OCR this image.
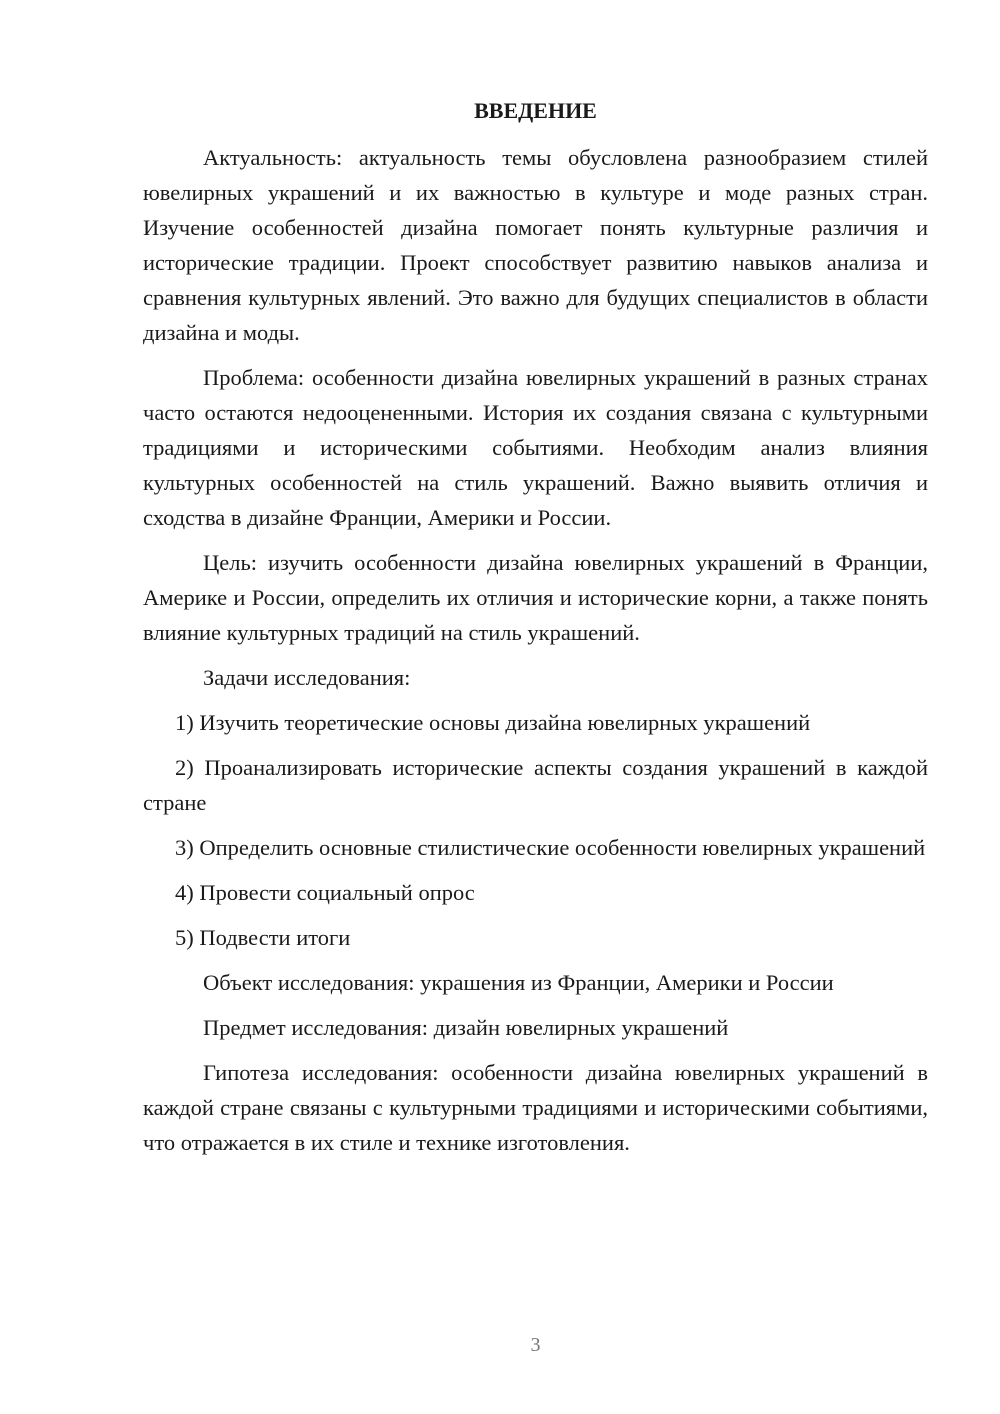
ВВЕДЕНИЕ

Актуальность: актуальность темы обусловлена разнообразием стилей ювелирных украшений и их важностью в культуре и моде разных стран. Изучение особенностей дизайна помогает понять культурные различия и исторические традиции. Проект способствует развитию навыков анализа и сравнения культурных явлений. Это важно для будущих специалистов в области дизайна и моды.

Проблема: особенности дизайна ювелирных украшений в разных странах часто остаются недооцененными. История их создания связана с культурными традициями и историческими событиями. Необходим анализ влияния культурных особенностей на стиль украшений. Важно выявить отличия и сходства в дизайне Франции, Америки и России.

Цель: изучить особенности дизайна ювелирных украшений в Франции, Америке и России, определить их отличия и исторические корни, а также понять влияние культурных традиций на стиль украшений.

Задачи исследования:

1) Изучить теоретические основы дизайна ювелирных украшений

2) Проанализировать исторические аспекты создания украшений в каждой стране

3) Определить основные стилистические особенности ювелирных украшений

4) Провести социальный опрос

5) Подвести итоги

Объект исследования: украшения из Франции, Америки и России

Предмет исследования: дизайн ювелирных украшений

Гипотеза исследования: особенности дизайна ювелирных украшений в каждой стране связаны с культурными традициями и историческими событиями, что отражается в их стиле и технике изготовления.

3
